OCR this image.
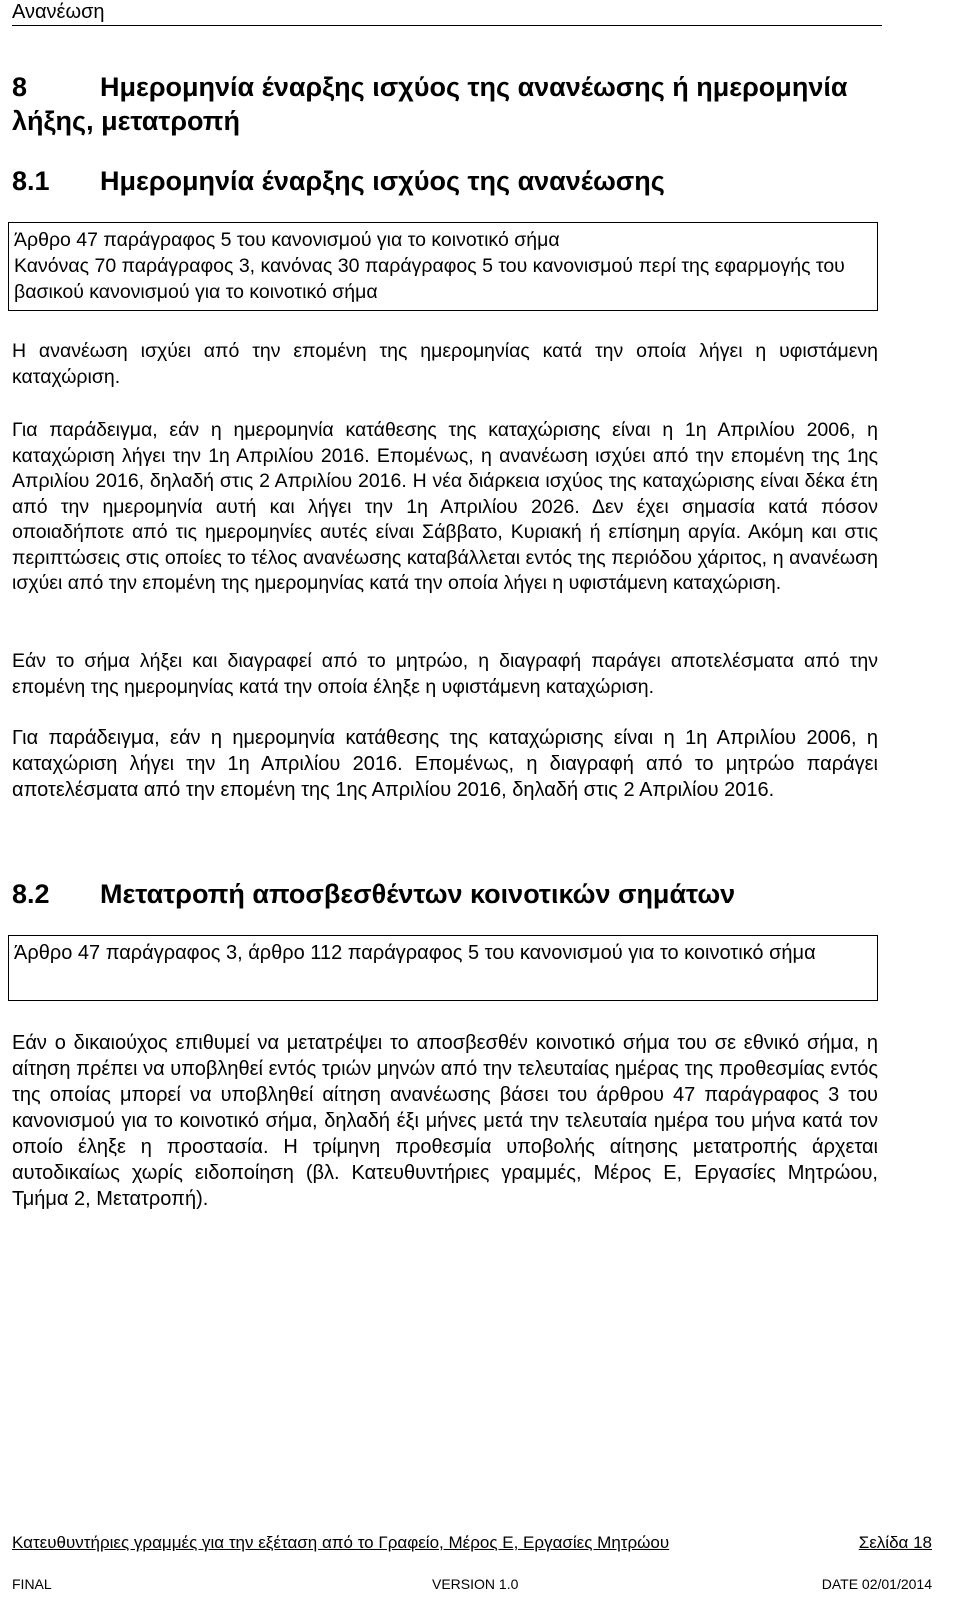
Ανανέωση
8	Ημερομηνία έναρξης ισχύος της ανανέωσης ή ημερομηνία λήξης, μετατροπή
8.1 Ημερομηνία έναρξης ισχύος της ανανέωσης
Άρθρο 47 παράγραφος 5 του κανονισμού για το κοινοτικό σήμα
Κανόνας 70 παράγραφος 3, κανόνας 30 παράγραφος 5 του κανονισμού περί της εφαρμογής του βασικού κανονισμού για το κοινοτικό σήμα

Η ανανέωση ισχύει από την επομένη της ημερομηνίας κατά την οποία λήγει η υφιστάμενη καταχώριση.

Για παράδειγμα, εάν η ημερομηνία κατάθεσης της καταχώρισης είναι η 1η Απριλίου 2006, η καταχώριση λήγει την 1η Απριλίου 2016. Επομένως, η ανανέωση ισχύει από την επομένη της 1ης Απριλίου 2016, δηλαδή στις 2 Απριλίου 2016. Η νέα διάρκεια ισχύος της καταχώρισης είναι δέκα έτη από την ημερομηνία αυτή και λήγει την 1η Απριλίου 2026. Δεν έχει σημασία κατά πόσον οποιαδήποτε από τις ημερομηνίες αυτές είναι Σάββατο, Κυριακή ή επίσημη αργία. Ακόμη και στις περιπτώσεις στις οποίες το τέλος ανανέωσης καταβάλλεται εντός της περιόδου χάριτος, η ανανέωση ισχύει από την επομένη της ημερομηνίας κατά την οποία λήγει η υφιστάμενη καταχώριση.

Εάν το σήμα λήξει και διαγραφεί από το μητρώο, η διαγραφή παράγει αποτελέσματα από την επομένη της ημερομηνίας κατά την οποία έληξε η υφιστάμενη καταχώριση.

Για παράδειγμα, εάν η ημερομηνία κατάθεσης της καταχώρισης είναι η 1η Απριλίου 2006, η καταχώριση λήγει την 1η Απριλίου 2016. Επομένως, η διαγραφή από το μητρώο παράγει αποτελέσματα από την επομένη της 1ης Απριλίου 2016, δηλαδή στις 2 Απριλίου 2016.

8.2 Μετατροπή αποσβεσθέντων κοινοτικών σημάτων
Άρθρο 47 παράγραφος 3, άρθρο 112 παράγραφος 5 του κανονισμού για το κοινοτικό σήμα

Εάν ο δικαιούχος επιθυμεί να μετατρέψει το αποσβεσθέν κοινοτικό σήμα του σε εθνικό σήμα, η αίτηση πρέπει να υποβληθεί εντός τριών μηνών από την τελευταίας ημέρας της προθεσμίας εντός της οποίας μπορεί να υποβληθεί αίτηση ανανέωσης βάσει του άρθρου 47 παράγραφος 3 του κανονισμού για το κοινοτικό σήμα, δηλαδή έξι μήνες μετά την τελευταία ημέρα του μήνα κατά τον οποίο έληξε η προστασία. Η τρίμηνη προθεσμία υποβολής αίτησης μετατροπής άρχεται αυτοδικαίως χωρίς ειδοποίηση (βλ. Κατευθυντήριες γραμμές, Μέρος Ε, Εργασίες Μητρώου, Τμήμα 2, Μετατροπή).

Κατευθυντήριες γραμμές για την εξέταση από το Γραφείο, Μέρος Ε, Εργασίες Μητρώου	Σελίδα 18
FINAL	VERSION 1.0	DATE 02/01/2014
